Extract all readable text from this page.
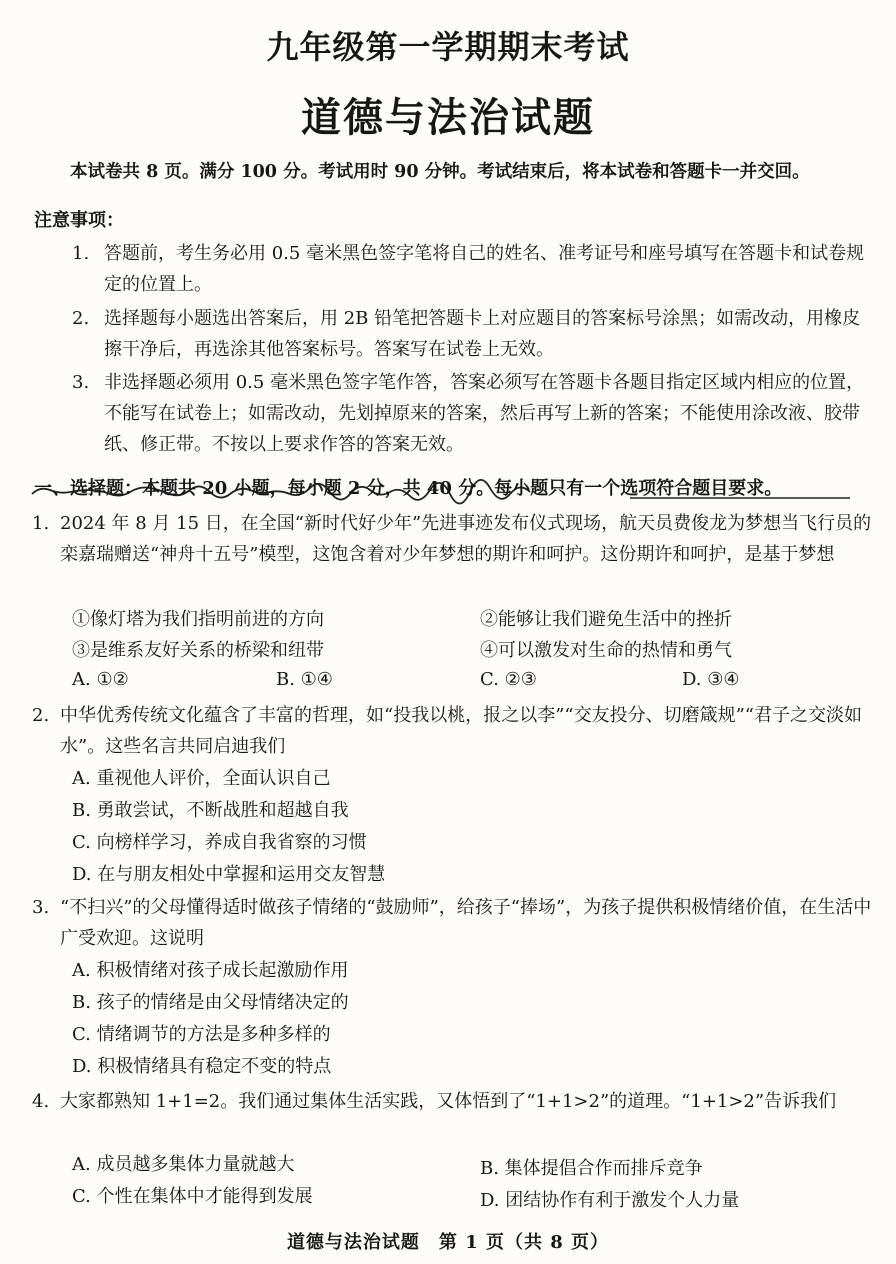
九年级第一学期期末考试
道德与法治试题
本试卷共 8 页。满分 100 分。考试用时 90 分钟。考试结束后，将本试卷和答题卡一并交回。
注意事项：
1. 答题前，考生务必用 0.5 毫米黑色签字笔将自己的姓名、准考证号和座号填写在答题卡和试卷规定的位置上。
2. 选择题每小题选出答案后，用 2B 铅笔把答题卡上对应题目的答案标号涂黑；如需改动，用橡皮擦干净后，再选涂其他答案标号。答案写在试卷上无效。
3. 非选择题必须用 0.5 毫米黑色签字笔作答，答案必须写在答题卡各题目指定区域内相应的位置，不能写在试卷上；如需改动，先划掉原来的答案，然后再写上新的答案；不能使用涂改液、胶带纸、修正带。不按以上要求作答的答案无效。
一、选择题：本题共 20 小题，每小题 2 分，共 40 分。每小题只有一个选项符合题目要求。
1. 2024 年 8 月 15 日，在全国“新时代好少年”先进事迹发布仪式现场，航天员费俊龙为梦想当飞行员的栾嘉瑞赠送“神舟十五号”模型，这饱含着对少年梦想的期许和呵护。这份期许和呵护，是基于梦想
①像灯塔为我们指明前进的方向	②能够让我们避免生活中的挫折
③是维系友好关系的桥梁和纽带	④可以激发对生命的热情和勇气
A. ①②	B. ①④	C. ②③	D. ③④
2. 中华优秀传统文化蕴含了丰富的哲理，如“投我以桃，报之以李”“交友投分、切磨箴规”“君子之交淡如水”。这些名言共同启迪我们
A. 重视他人评价，全面认识自己
B. 勇敢尝试，不断战胜和超越自我
C. 向榜样学习，养成自我省察的习惯
D. 在与朋友相处中掌握和运用交友智慧
3. “不扫兴”的父母懂得适时做孩子情绪的“鼓励师”，给孩子“捧场”，为孩子提供积极情绪价值，在生活中广受欢迎。这说明
A. 积极情绪对孩子成长起激励作用
B. 孩子的情绪是由父母情绪决定的
C. 情绪调节的方法是多种多样的
D. 积极情绪具有稳定不变的特点
4. 大家都熟知 1+1=2。我们通过集体生活实践，又体悟到了“1+1>2”的道理。“1+1>2”告诉我们
A. 成员越多集体力量就越大	B. 集体提倡合作而排斥竞争
C. 个性在集体中才能得到发展	D. 团结协作有利于激发个人力量
道德与法治试题　第 1 页（共 8 页）
